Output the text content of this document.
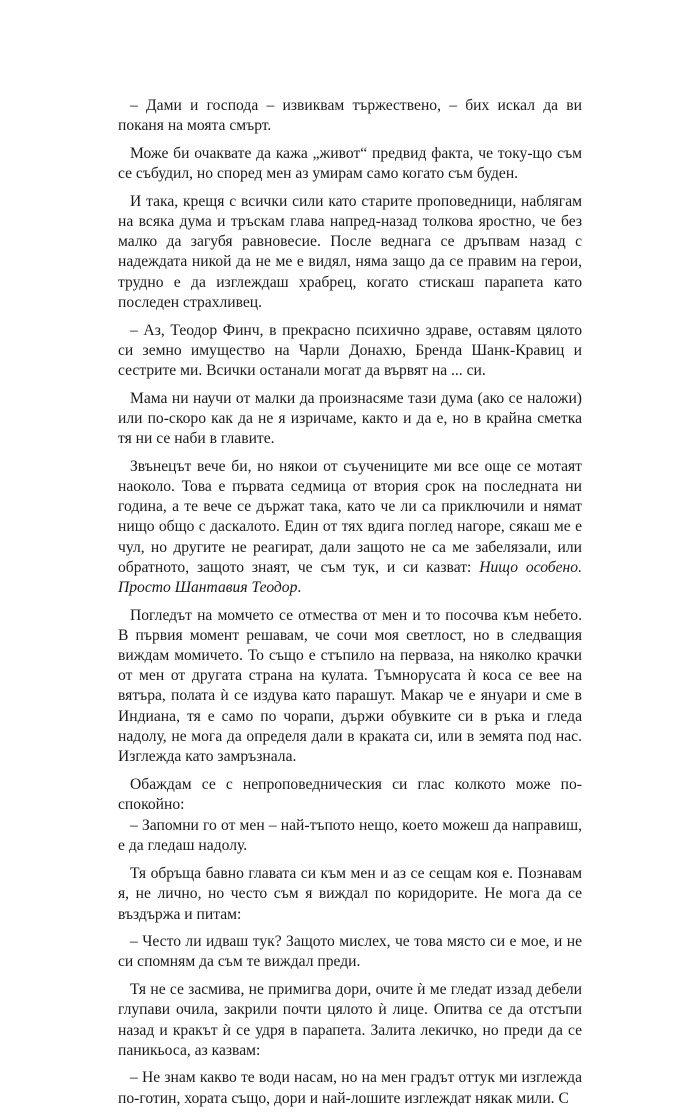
– Дами и господа – извиквам тържествено, – бих искал да ви поканя на моята смърт.

Може би очаквате да кажа „живот“ предвид факта, че току-що съм се събудил, но според мен аз умирам само когато съм буден.

И така, крещя с всички сили като старите проповедници, наблягам на всяка дума и тръскам глава напред-назад толкова яростно, че без малко да загубя равновесие. После веднага се дръпвам назад с надеждата никой да не ме е видял, няма защо да се правим на герои, трудно е да изглеждаш храбрец, когато стискаш парапета като последен страхливец.

– Аз, Теодор Финч, в прекрасно психично здраве, оставям цялото си земно имущество на Чарли Донахю, Бренда Шанк-Кравиц и сестрите ми. Всички останали могат да вървят на ... си.

Мама ни научи от малки да произнасяме тази дума (ако се наложи) или по-скоро как да не я изричаме, както и да е, но в крайна сметка тя ни се наби в главите.

Звънецът вече би, но някои от съучениците ми все още се мотаят наоколо. Това е първата седмица от втория срок на последната ни година, а те вече се държат така, като че ли са приключили и нямат нищо общо с даскалото. Един от тях вдига поглед нагоре, сякаш ме е чул, но другите не реагират, дали защото не са ме забелязали, или обратното, защото знаят, че съм тук, и си казват: Нищо особено. Просто Шантавия Теодор.

Погледът на момчето се отмества от мен и то посочва към небето. В първия момент решавам, че сочи моя светлост, но в следващия виждам момичето. То също е стъпило на перваза, на няколко крачки от мен от другата страна на кулата. Тъмнорусата ѝ коса се вее на вятъра, полата ѝ се издува като парашут. Макар че е януари и сме в Индиана, тя е само по чорапи, държи обувките си в ръка и гледа надолу, не мога да определя дали в краката си, или в земята под нас. Изглежда като замръзнала.

Обаждам се с непроповедническия си глас колкото може по-спокойно:

– Запомни го от мен – най-тъпото нещо, което можеш да направиш, е да гледаш надолу.

Тя обръща бавно главата си към мен и аз се сещам коя е. Познавам я, не лично, но често съм я виждал по коридорите. Не мога да се въздържа и питам:

– Често ли идваш тук? Защото мислех, че това място си е мое, и не си спомням да съм те виждал преди.

Тя не се засмива, не примигва дори, очите ѝ ме гледат иззад дебели глупави очила, закрили почти цялото ѝ лице. Опитва се да отстъпи назад и кракът ѝ се удря в парапета. Залита лекичко, но преди да се паникьоса, аз казвам:

– Не знам какво те води насам, но на мен градът оттук ми изглежда по-готин, хората също, дори и най-лошите изглеждат някак мили. С
